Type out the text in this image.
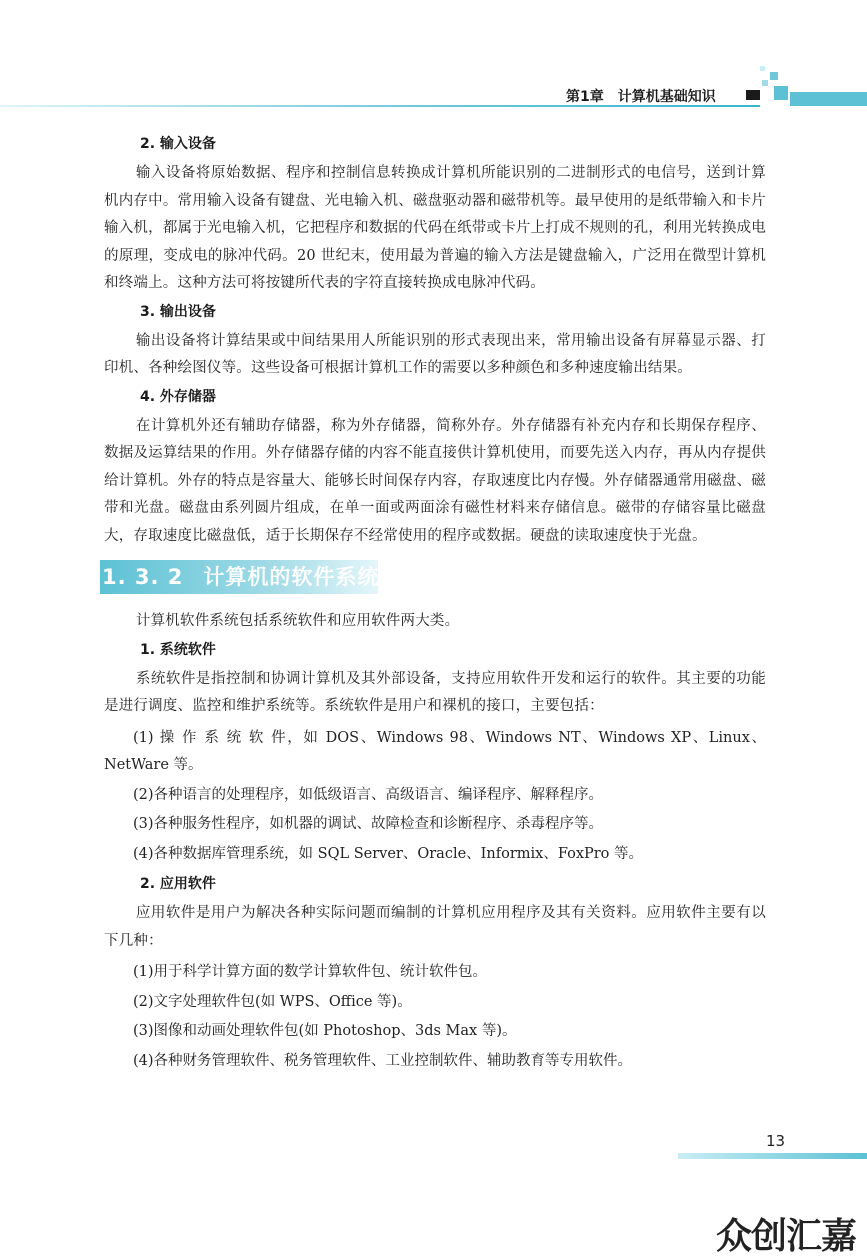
第1章　计算机基础知识
2. 输入设备

输入设备将原始数据、程序和控制信息转换成计算机所能识别的二进制形式的电信号，送到计算机内存中。常用输入设备有键盘、光电输入机、磁盘驱动器和磁带机等。最早使用的是纸带输入和卡片输入机，都属于光电输入机，它把程序和数据的代码在纸带或卡片上打成不规则的孔，利用光转换成电的原理，变成电的脉冲代码。20 世纪末，使用最为普遍的输入方法是键盘输入，广泛用在微型计算机和终端上。这种方法可将按键所代表的字符直接转换成电脉冲代码。

3. 输出设备

输出设备将计算结果或中间结果用人所能识别的形式表现出来，常用输出设备有屏幕显示器、打印机、各种绘图仪等。这些设备可根据计算机工作的需要以多种颜色和多种速度输出结果。

4. 外存储器

在计算机外还有辅助存储器，称为外存储器，简称外存。外存储器有补充内存和长期保存程序、数据及运算结果的作用。外存储器存储的内容不能直接供计算机使用，而要先送入内存，再从内存提供给计算机。外存的特点是容量大、能够长时间保存内容，存取速度比内存慢。外存储器通常用磁盘、磁带和光盘。磁盘由系列圆片组成，在单一面或两面涂有磁性材料来存储信息。磁带的存储容量比磁盘大，存取速度比磁盘低，适于长期保存不经常使用的程序或数据。硬盘的读取速度快于光盘。

1. 3. 2 计算机的软件系统

计算机软件系统包括系统软件和应用软件两大类。

1. 系统软件

系统软件是指控制和协调计算机及其外部设备，支持应用软件开发和运行的软件。其主要的功能是进行调度、监控和维护系统等。系统软件是用户和裸机的接口，主要包括：

(1) 操 作 系 统 软 件，如 DOS、Windows 98、Windows NT、Windows XP、Linux、NetWare 等。

(2)各种语言的处理程序，如低级语言、高级语言、编译程序、解释程序。

(3)各种服务性程序，如机器的调试、故障检查和诊断程序、杀毒程序等。

(4)各种数据库管理系统，如 SQL Server、Oracle、Informix、FoxPro 等。

2. 应用软件

应用软件是用户为解决各种实际问题而编制的计算机应用程序及其有关资料。应用软件主要有以下几种：

(1)用于科学计算方面的数学计算软件包、统计软件包。

(2)文字处理软件包(如 WPS、Office 等)。

(3)图像和动画处理软件包(如 Photoshop、3ds Max 等)。

(4)各种财务管理软件、税务管理软件、工业控制软件、辅助教育等专用软件。

13
众创汇嘉
